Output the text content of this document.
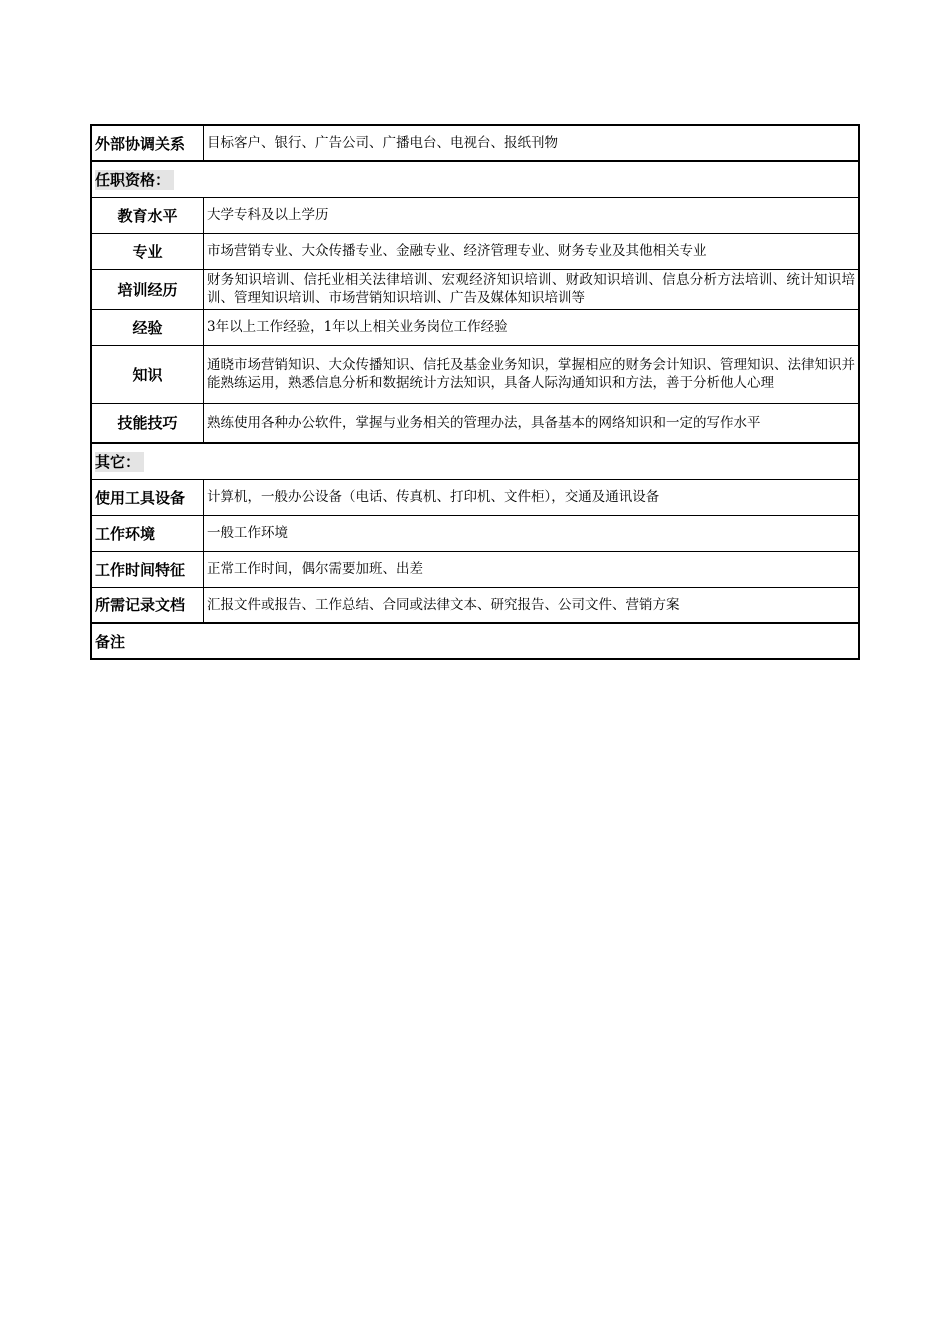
外部协调关系	目标客户、银行、广告公司、广播电台、电视台、报纸刊物
任职资格：	
教育水平	大学专科及以上学历
专业	市场营销专业、大众传播专业、金融专业、经济管理专业、财务专业及其他相关专业
培训经历	财务知识培训、信托业相关法律培训、宏观经济知识培训、财政知识培训、信息分析方法培训、统计知识培训、管理知识培训、市场营销知识培训、广告及媒体知识培训等
经验	3年以上工作经验，1年以上相关业务岗位工作经验
知识	通晓市场营销知识、大众传播知识、信托及基金业务知识，掌握相应的财务会计知识、管理知识、法律知识并能熟练运用，熟悉信息分析和数据统计方法知识，具备人际沟通知识和方法，善于分析他人心理
技能技巧	熟练使用各种办公软件，掌握与业务相关的管理办法，具备基本的网络知识和一定的写作水平
其它：	
使用工具设备	计算机，一般办公设备（电话、传真机、打印机、文件柜），交通及通讯设备
工作环境	一般工作环境
工作时间特征	正常工作时间，偶尔需要加班、出差
所需记录文档	汇报文件或报告、工作总结、合同或法律文本、研究报告、公司文件、营销方案
备注	
